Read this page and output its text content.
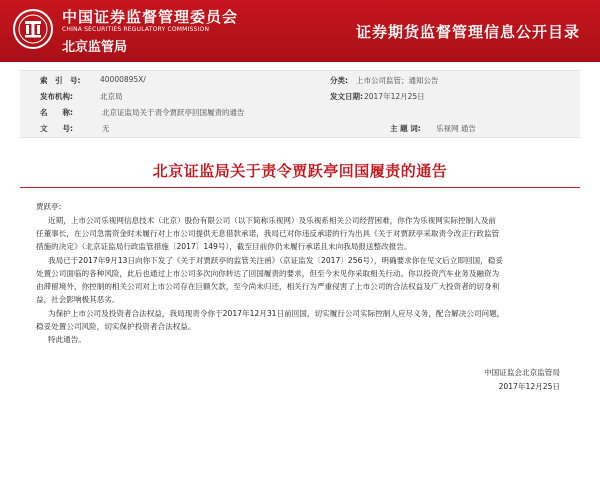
中国证券监督管理委员会
CHINA SECURITIES REGULATORY COMMISSION
北京监管局
证券期货监督管理信息公开目录
索　引　号:	40000895X/	分类: 上市公司监管；通知公告
发布机构:	北京局	发文日期: 2017年12月25日
名　　称:	北京证监局关于责令贾跃亭回国履责的通告
文　　号:	无	主 题 词: 乐视网 通告
北京证监局关于责令贾跃亭回国履责的通告
贾跃亭:
近期，上市公司乐视网信息技术（北京）股份有限公司（以下简称乐视网）及乐视系相关公司经营困难，你作为乐视网实际控制人及前
任董事长，在公司急需资金时未履行对上市公司提供无息借款承诺，我局已对你违反承诺的行为出具《关于对贾跃亭采取责令改正行政监管
措施的决定》（北京证监局行政监管措施〔2017〕149号），截至目前你仍未履行承诺且未向我局报送整改报告。
我局已于2017年9月13日向你下发了《关于对贾跃亭的监管关注函》（京证监发〔2017〕256号），明确要求你在见文后立即回国，稳妥
处置公司面临的各种风险，此后也通过上市公司多次向你转达了回国履责的要求，但至今未见你采取相关行动。你以投资汽车业务及融资为
由滞留境外，你控制的相关公司对上市公司存在巨额欠款，至今尚未归还，相关行为严重侵害了上市公司的合法权益及广大投资者的切身利
益，社会影响极其恶劣。
为保护上市公司及投资者合法权益，我局现责令你于2017年12月31日前回国，切实履行公司实际控制人应尽义务，配合解决公司问题，
稳妥处置公司风险，切实保护投资者合法权益。
特此通告。
中国证监会北京监管局
2017年12月25日
